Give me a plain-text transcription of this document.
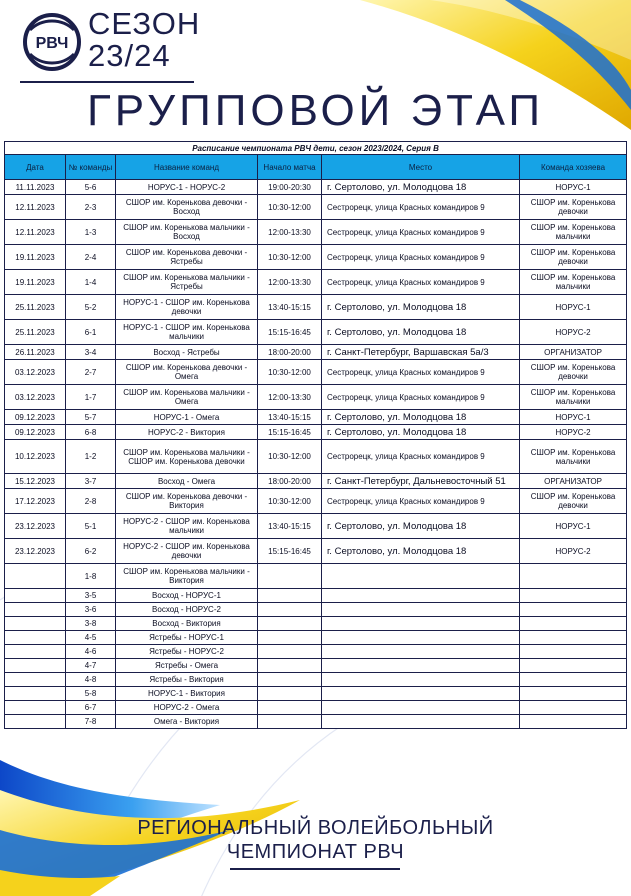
РВЧ
СЕЗОН
23/24
ГРУППОВОЙ ЭТАП
Расписание чемпионата РВЧ дети, сезон 2023/2024, Серия В					
Дата	№ команды	Название команд	Начало матча	Место	Команда хозяева
11.11.2023	5-6	НОРУС-1 - НОРУС-2	19:00-20:30	г. Сертолово, ул. Молодцова 18	НОРУС-1
12.11.2023	2-3	СШОР им. Коренькова девочки - Восход	10:30-12:00	Сестрорецк, улица Красных командиров 9	СШОР им. Коренькова девочки
12.11.2023	1-3	СШОР им. Коренькова мальчики - Восход	12:00-13:30	Сестрорецк, улица Красных командиров 9	СШОР им. Коренькова мальчики
19.11.2023	2-4	СШОР им. Коренькова девочки - Ястребы	10:30-12:00	Сестрорецк, улица Красных командиров 9	СШОР им. Коренькова девочки
19.11.2023	1-4	СШОР им. Коренькова мальчики - Ястребы	12:00-13:30	Сестрорецк, улица Красных командиров 9	СШОР им. Коренькова мальчики
25.11.2023	5-2	НОРУС-1 - СШОР им. Коренькова девочки	13:40-15:15	г. Сертолово, ул. Молодцова 18	НОРУС-1
25.11.2023	6-1	НОРУС-1 - СШОР им. Коренькова мальчики	15:15-16:45	г. Сертолово, ул. Молодцова 18	НОРУС-2
26.11.2023	3-4	Восход - Ястребы	18:00-20:00	г. Санкт-Петербург, Варшавская 5а/3	ОРГАНИЗАТОР
03.12.2023	2-7	СШОР им. Коренькова девочки - Омега	10:30-12:00	Сестрорецк, улица Красных командиров 9	СШОР им. Коренькова девочки
03.12.2023	1-7	СШОР им. Коренькова мальчики - Омега	12:00-13:30	Сестрорецк, улица Красных командиров 9	СШОР им. Коренькова мальчики
09.12.2023	5-7	НОРУС-1 - Омега	13:40-15:15	г. Сертолово, ул. Молодцова 18	НОРУС-1
09.12.2023	6-8	НОРУС-2 - Виктория	15:15-16:45	г. Сертолово, ул. Молодцова 18	НОРУС-2
10.12.2023	1-2	СШОР им. Коренькова мальчики - СШОР им. Коренькова девочки	10:30-12:00	Сестрорецк, улица Красных командиров 9	СШОР им. Коренькова мальчики
15.12.2023	3-7	Восход - Омега	18:00-20:00	г. Санкт-Петербург, Дальневосточный 51	ОРГАНИЗАТОР
17.12.2023	2-8	СШОР им. Коренькова девочки - Виктория	10:30-12:00	Сестрорецк, улица Красных командиров 9	СШОР им. Коренькова девочки
23.12.2023	5-1	НОРУС-2 - СШОР им. Коренькова мальчики	13:40-15:15	г. Сертолово, ул. Молодцова 18	НОРУС-1
23.12.2023	6-2	НОРУС-2 - СШОР им. Коренькова девочки	15:15-16:45	г. Сертолово, ул. Молодцова 18	НОРУС-2
	1-8	СШОР им. Коренькова мальчики - Виктория			
	3-5	Восход - НОРУС-1			
	3-6	Восход - НОРУС-2			
	3-8	Восход - Виктория			
	4-5	Ястребы - НОРУС-1			
	4-6	Ястребы - НОРУС-2			
	4-7	Ястребы - Омега			
	4-8	Ястребы - Виктория			
	5-8	НОРУС-1 - Виктория			
	6-7	НОРУС-2 - Омега			
	7-8	Омега - Виктория			
РЕГИОНАЛЬНЫЙ ВОЛЕЙБОЛЬНЫЙ
ЧЕМПИОНАТ РВЧ
